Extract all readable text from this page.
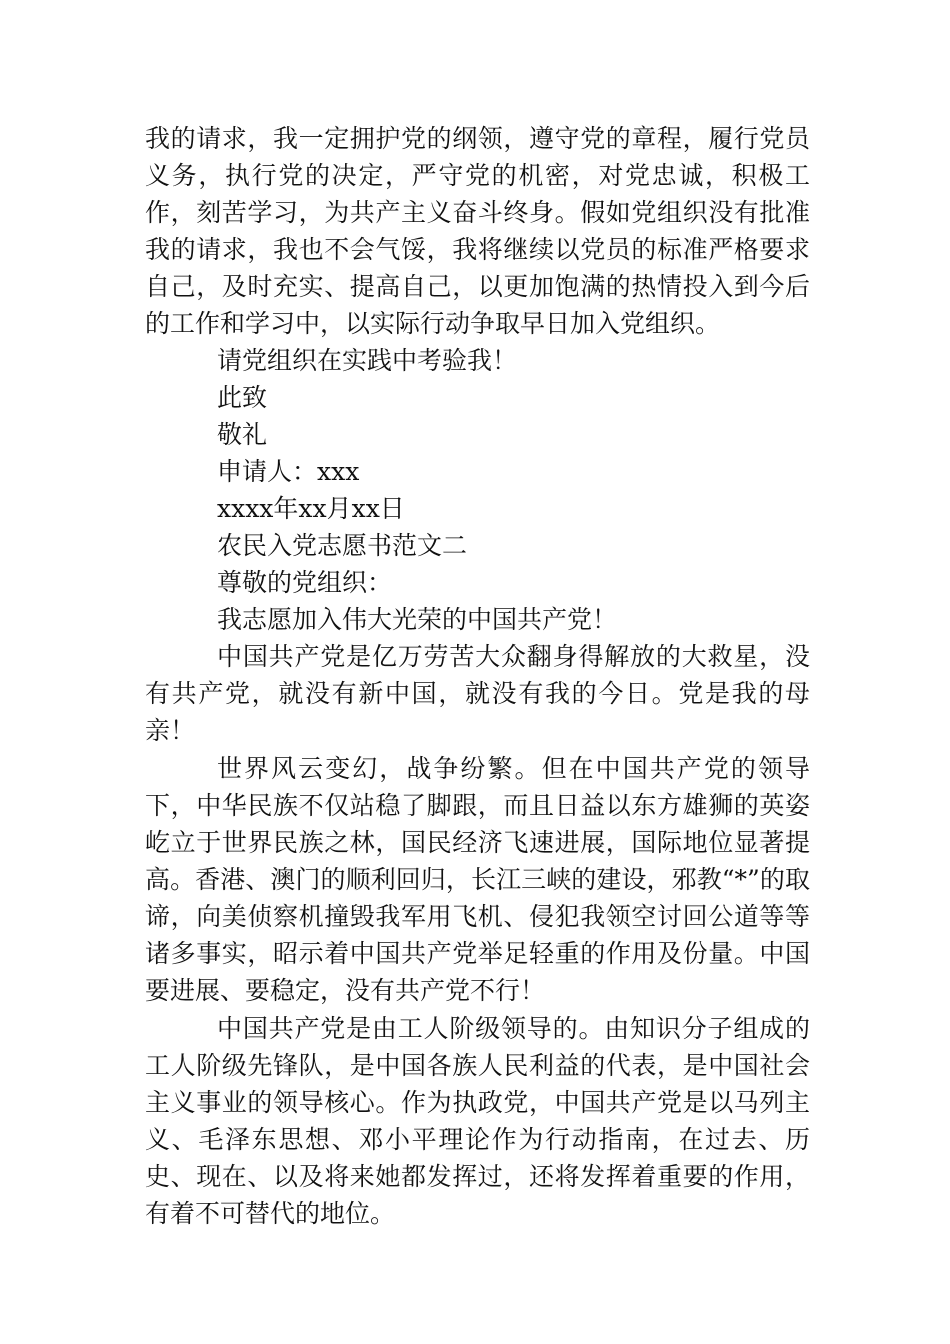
我的请求，我一定拥护党的纲领，遵守党的章程，履行党员义务，执行党的决定，严守党的机密，对党忠诚，积极工作，刻苦学习，为共产主义奋斗终身。假如党组织没有批准我的请求，我也不会气馁，我将继续以党员的标准严格要求自己，及时充实、提高自己，以更加饱满的热情投入到今后的工作和学习中，以实际行动争取早日加入党组织。

请党组织在实践中考验我！

此致

敬礼

申请人：xxx

xxxx年xx月xx日

农民入党志愿书范文二

尊敬的党组织：

我志愿加入伟大光荣的中国共产党！

中国共产党是亿万劳苦大众翻身得解放的大救星，没有共产党，就没有新中国，就没有我的今日。党是我的母亲！

世界风云变幻，战争纷繁。但在中国共产党的领导下，中华民族不仅站稳了脚跟，而且日益以东方雄狮的英姿屹立于世界民族之林，国民经济飞速进展，国际地位显著提高。香港、澳门的顺利回归，长江三峡的建设，邪教“*”的取谛，向美侦察机撞毁我军用飞机、侵犯我领空讨回公道等等诸多事实，昭示着中国共产党举足轻重的作用及份量。中国要进展、要稳定，没有共产党不行！

中国共产党是由工人阶级领导的。由知识分子组成的工人阶级先锋队，是中国各族人民利益的代表，是中国社会主义事业的领导核心。作为执政党，中国共产党是以马列主义、毛泽东思想、邓小平理论作为行动指南，在过去、历史、现在、以及将来她都发挥过，还将发挥着重要的作用，有着不可替代的地位。
